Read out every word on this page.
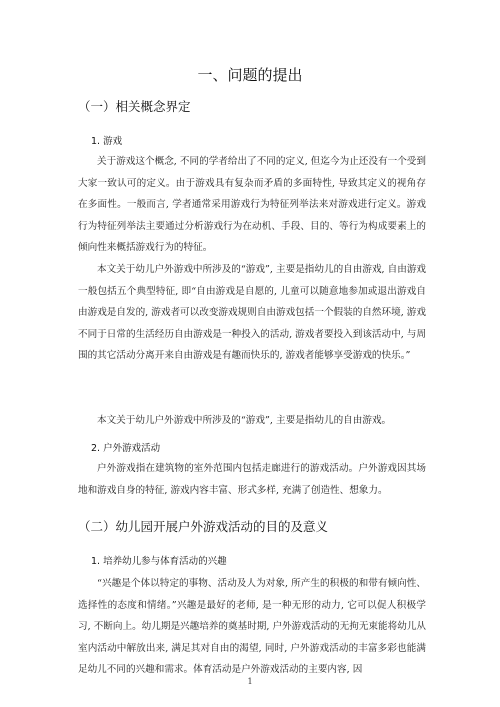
一、问题的提出
（一）相关概念界定
1. 游戏
关于游戏这个概念, 不同的学者给出了不同的定义, 但迄今为止还没有一个受到大家一致认可的定义。由于游戏具有复杂而矛盾的多面特性, 导致其定义的视角存在多面性。一般而言, 学者通常采用游戏行为特征列举法来对游戏进行定义。游戏行为特征列举法主要通过分析游戏行为在动机、手段、目的、等行为构成要素上的倾向性来概括游戏行为的特征。
本文关于幼儿户外游戏中所涉及的“游戏”, 主要是指幼儿的自由游戏, 自由游戏一般包括五个典型特征, 即“自由游戏是自愿的, 儿童可以随意地参加或退出游戏自由游戏是自发的, 游戏者可以改变游戏规则自由游戏包括一个假装的自然环境, 游戏不同于日常的生活经历自由游戏是一种投入的活动, 游戏者要投入到该活动中, 与周围的其它活动分离开来自由游戏是有趣而快乐的, 游戏者能够享受游戏的快乐。”
本文关于幼儿户外游戏中所涉及的“游戏”, 主要是指幼儿的自由游戏。
2. 户外游戏活动
户外游戏指在建筑物的室外范围内包括走廊进行的游戏活动。户外游戏因其场地和游戏自身的特征, 游戏内容丰富、形式多样, 充满了创造性、想象力。
（二）幼儿园开展户外游戏活动的目的及意义
1. 培养幼儿参与体育活动的兴趣
“兴趣是个体以特定的事物、活动及人为对象, 所产生的积极的和带有倾向性、选择性的态度和情绪。”兴趣是最好的老师, 是一种无形的动力, 它可以促人积极学习, 不断向上。幼儿期是兴趣培养的奠基时期, 户外游戏活动的无拘无束能将幼儿从室内活动中解放出来, 满足其对自由的渴望, 同时, 户外游戏活动的丰富多彩也能满足幼儿不同的兴趣和需求。体育活动是户外游戏活动的主要内容, 因
1
